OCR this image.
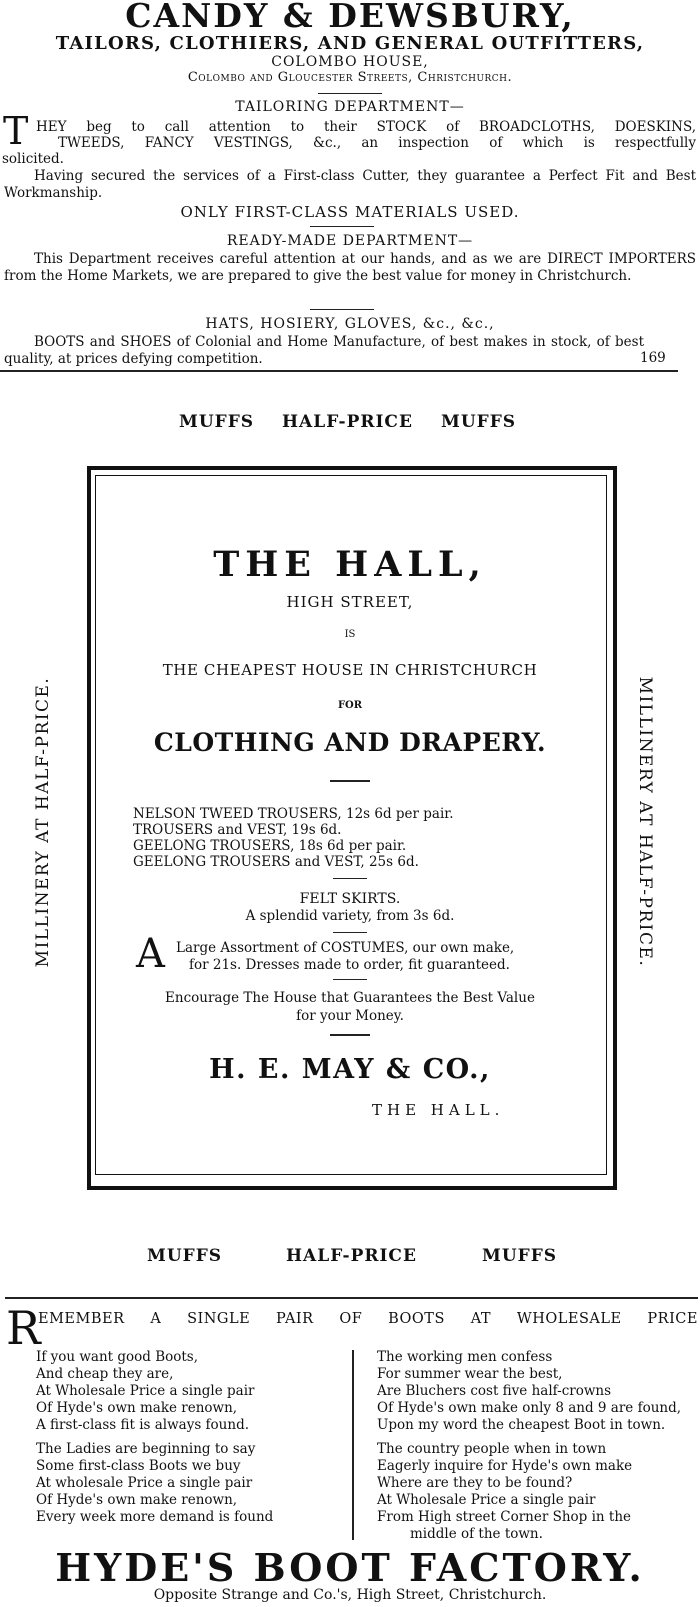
CANDY & DEWSBURY,
TAILORS, CLOTHIERS, AND GENERAL OUTFITTERS,
COLOMBO HOUSE,
Colombo and Gloucester Streets, Christchurch.
TAILORING DEPARTMENT—
T HEY beg to call attention to their STOCK of BROADCLOTHS, DOESKINS,
TWEEDS, FANCY VESTINGS, &c., an inspection of which is respectfully
solicited.
Having secured the services of a First-class Cutter, they guarantee a Perfect Fit and Best Workmanship.
ONLY FIRST-CLASS MATERIALS USED.
READY-MADE DEPARTMENT—
This Department receives careful attention at our hands, and as we are DIRECT IMPORTERS from the Home Markets, we are prepared to give the best value for money in Christchurch.
HATS, HOSIERY, GLOVES, &c., &c.,
BOOTS and SHOES of Colonial and Home Manufacture, of best makes in stock, of best quality, at prices defying competition.	169
MUFFS HALF-PRICE MUFFS
MILLINERY AT HALF-PRICE.	MILLINERY AT HALF-PRICE.
THE HALL,
HIGH STREET,
IS
THE CHEAPEST HOUSE IN CHRISTCHURCH
FOR
CLOTHING AND DRAPERY.
NELSON TWEED TROUSERS, 12s 6d per pair.
TROUSERS and VEST, 19s 6d.
GEELONG TROUSERS, 18s 6d per pair.
GEELONG TROUSERS and VEST, 25s 6d.
FELT SKIRTS.
A splendid variety, from 3s 6d.
A Large Assortment of COSTUMES, our own make,
for 21s. Dresses made to order, fit guaranteed.
Encourage The House that Guarantees the Best Value
for your Money.
H. E. MAY & CO.,
THE HALL.
MUFFS	HALF-PRICE	MUFFS
R
EMEMBER A SINGLE PAIR OF BOOTS AT WHOLESALE PRICE
If you want good Boots,
And cheap they are,
At Wholesale Price a single pair
Of Hyde's own make renown,
A first-class fit is always found.
The Ladies are beginning to say
Some first-class Boots we buy
At wholesale Price a single pair
Of Hyde's own make renown,
Every week more demand is found
The working men confess
For summer wear the best,
Are Bluchers cost five half-crowns
Of Hyde's own make only 8 and 9 are found,
Upon my word the cheapest Boot in town.
The country people when in town
Eagerly inquire for Hyde's own make
Where are they to be found?
At Wholesale Price a single pair
From High street Corner Shop in the
middle of the town.
HYDE'S BOOT FACTORY.
Opposite Strange and Co.'s, High Street, Christchurch.
